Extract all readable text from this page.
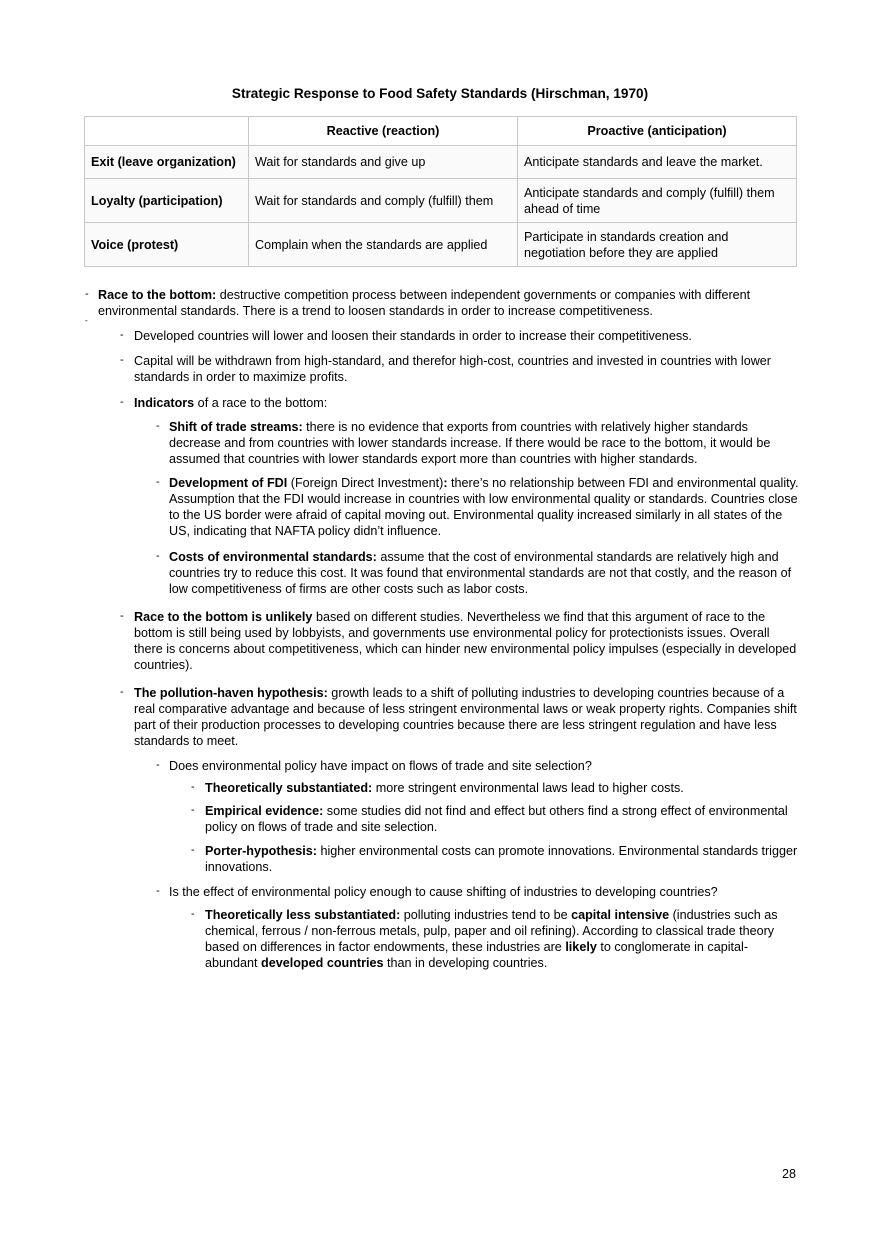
Strategic Response to Food Safety Standards (Hirschman, 1970)
	Reactive (reaction)	Proactive (anticipation)
Exit (leave organization)	Wait for standards and give up	Anticipate standards and leave the market.
Loyalty (participation)	Wait for standards and comply (fulfill) them	Anticipate standards and comply (fulfill) them ahead of time
Voice (protest)	Complain when the standards are applied	Participate in standards creation and negotiation before they are applied
-
-
Race to the bottom: destructive competition process between independent governments or companies with different environmental standards. There is a trend to loosen standards in order to increase competitiveness.
- Developed countries will lower and loosen their standards in order to increase their competitiveness.
- Capital will be withdrawn from high-standard, and therefor high-cost, countries and invested in countries with lower standards in order to maximize profits.
- Indicators of a race to the bottom:
- Shift of trade streams: there is no evidence that exports from countries with relatively higher standards decrease and from countries with lower standards increase. If there would be race to the bottom, it would be assumed that countries with lower standards export more than countries with higher standards.
- Development of FDI (Foreign Direct Investment): there’s no relationship between FDI and environmental quality. Assumption that the FDI would increase in countries with low environmental quality or standards. Countries close to the US border were afraid of capital moving out. Environmental quality increased similarly in all states of the US, indicating that NAFTA policy didn’t influence.
- Costs of environmental standards: assume that the cost of environmental standards are relatively high and countries try to reduce this cost. It was found that environmental standards are not that costly, and the reason of low competitiveness of firms are other costs such as labor costs.
- Race to the bottom is unlikely based on different studies. Nevertheless we find that this argument of race to the bottom is still being used by lobbyists, and governments use environmental policy for protectionists issues. Overall there is concerns about competitiveness, which can hinder new environmental policy impulses (especially in developed countries).
- The pollution-haven hypothesis: growth leads to a shift of polluting industries to developing countries because of a real comparative advantage and because of less stringent environmental laws or weak property rights. Companies shift part of their production processes to developing countries because there are less stringent regulation and have less standards to meet.
- Does environmental policy have impact on flows of trade and site selection?
- Theoretically substantiated: more stringent environmental laws lead to higher costs.
- Empirical evidence: some studies did not find and effect but others find a strong effect of environmental policy on flows of trade and site selection.
- Porter-hypothesis: higher environmental costs can promote innovations. Environmental standards trigger innovations.
- Is the effect of environmental policy enough to cause shifting of industries to developing countries?
- Theoretically less substantiated: polluting industries tend to be capital intensive (industries such as chemical, ferrous / non-ferrous metals, pulp, paper and oil refining). According to classical trade theory based on differences in factor endowments, these industries are likely to conglomerate in capital-abundant developed countries than in developing countries.
28
